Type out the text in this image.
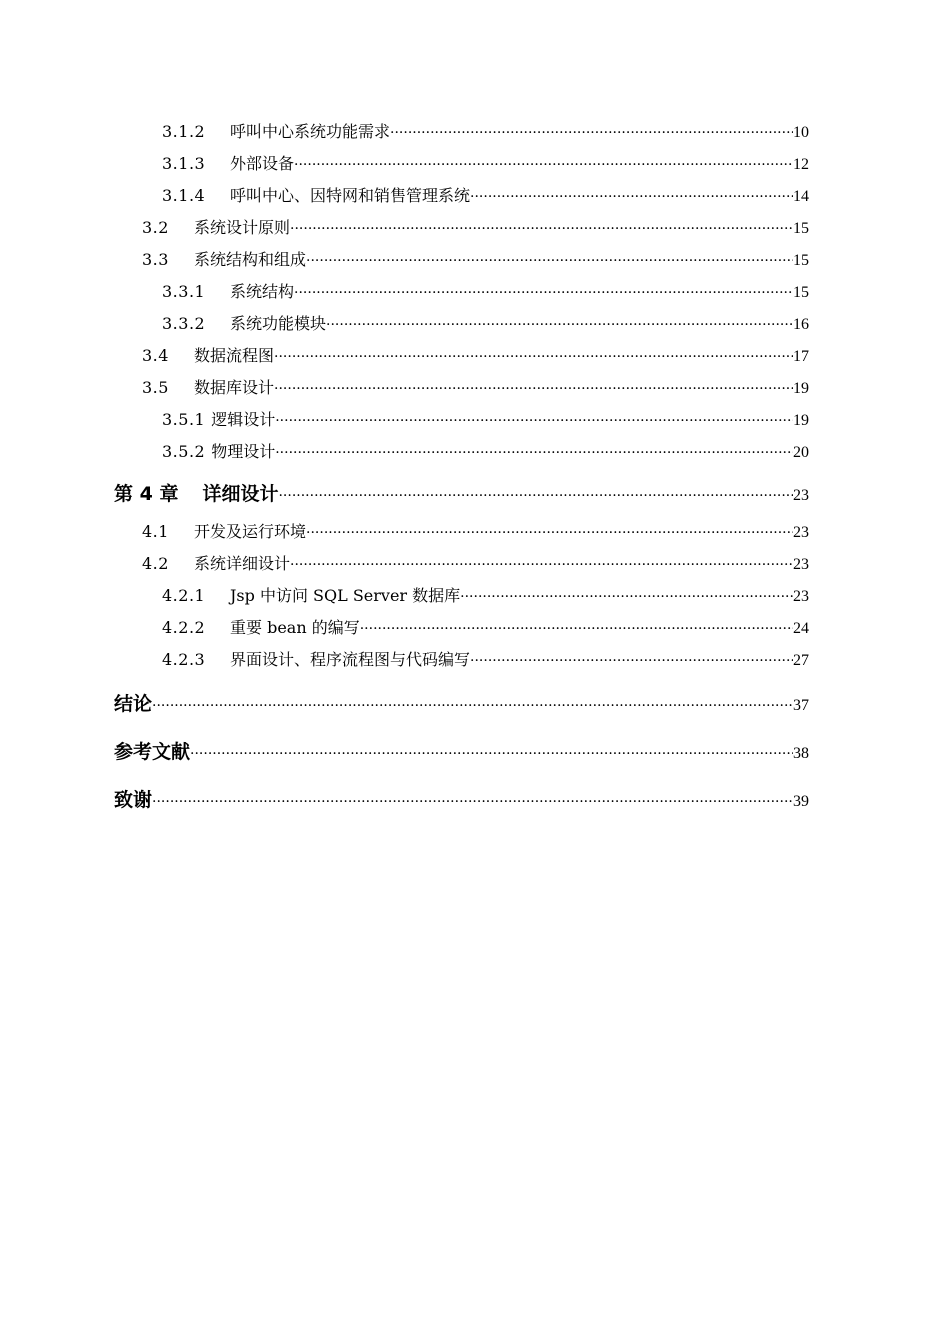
3.1.2	呼叫中心系统功能需求 ·····	10
3.1.3	外部设备 ·····	12
3.1.4	呼叫中心、因特网和销售管理系统 ·····	14
3.2	系统设计原则 ·····	15
3.3	系统结构和组成 ·····	15
3.3.1	系统结构 ·····	15
3.3.2	系统功能模块 ·····	16
3.4	数据流程图 ·····	17
3.5	数据库设计 ·····	19
3.5.1 逻辑设计 ·····	19
3.5.2 物理设计 ·····	20
第 4 章 详细设计 ·····	23
4.1	开发及运行环境 ·····	23
4.2	系统详细设计 ·····	23
4.2.1	Jsp 中访问 SQL Server 数据库 ·····	23
4.2.2	重要 bean 的编写 ·····	24
4.2.3	界面设计、程序流程图与代码编写 ·····	27
结论 ·····	37
参考文献 ·····	38
致谢 ·····	39
